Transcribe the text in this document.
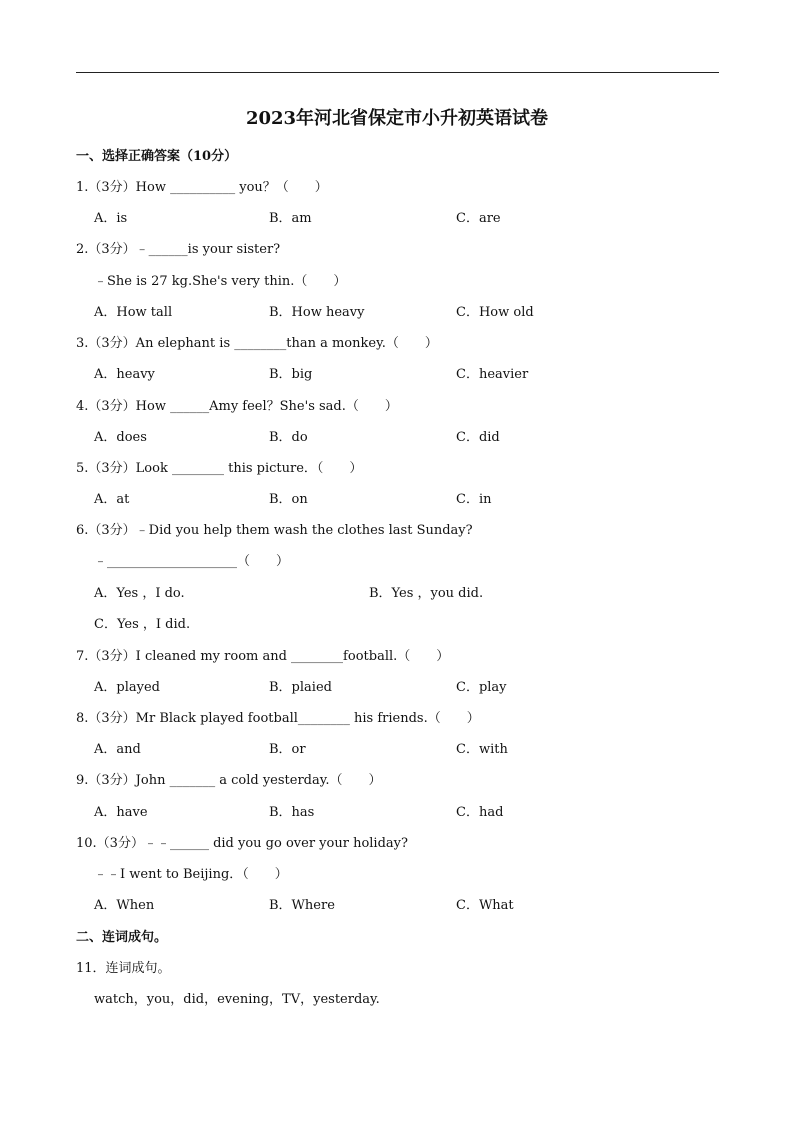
2023年河北省保定市小升初英语试卷
一、选择正确答案（10分）
1.（3分）How __________ you？（　　）
A．is	B．am	C．are
2.（3分）﹣______is your sister?
﹣She is 27 kg.She's very thin.（　　）
A．How tall	B．How heavy	C．How old
3.（3分）An elephant is ________than a monkey.（　　）
A．heavy	B．big	C．heavier
4.（3分）How ______Amy feel？She's sad.（　　）
A．does	B．do	C．did
5.（3分）Look ________ this picture．（　　）
A．at	B．on	C．in
6.（3分）﹣Did you help them wash the clothes last Sunday?
﹣____________________（　　）
A．Yes ，I do.	B．Yes ，you did.
C．Yes ，I did.
7.（3分）I cleaned my room and ________football.（　　）
A．played	B．plaied	C．play
8.（3分）Mr Black played football________ his friends.（　　）
A．and	B．or	C．with
9.（3分）John _______ a cold yesterday.（　　）
A．have	B．has	C．had
10.（3分）﹣﹣______ did you go over your holiday?
﹣﹣I went to Beijing．（　　）
A．When	B．Where	C．What
二、连词成句。
11．连词成句。
watch，you，did，evening，TV，yesterday.
